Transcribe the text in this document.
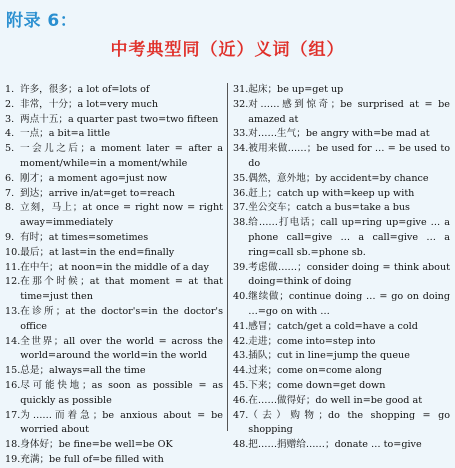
附录 6：
中考典型同（近）义词（组）
1. 许多，很多；a lot of=lots of
2. 非常，十分；a lot=very much
3. 两点十五；a quarter past two=two fifteen
4. 一点；a bit=a little
5. 一会儿之后；a moment later = after a moment/while=in a moment/while
6. 刚才；a moment ago=just now
7. 到达；arrive in/at=get to=reach
8. 立刻，马上；at once = right now = right away=immediately
9. 有时；at times=sometimes
10. 最后；at last=in the end=finally
11. 在中午；at noon=in the middle of a day
12. 在那个时候；at that moment = at that time=just then
13. 在诊所；at the doctor's=in the doctor's office
14. 全世界；all over the world = across the world=around the world=in the world
15. 总是；always=all the time
16. 尽可能快地；as soon as possible = as quickly as possible
17. 为……而着急；be anxious about = be worried about
18. 身体好；be fine=be well=be OK
19. 充满；be full of=be filled with
31. 起床；be up=get up
32. 对……感到惊奇；be surprised at = be amazed at
33. 对……生气；be angry with=be mad at
34. 被用来做……；be used for … = be used to do
35. 偶然，意外地；by accident=by chance
36. 赶上；catch up with=keep up with
37. 坐公交车；catch a bus=take a bus
38. 给……打电话；call up=ring up=give … a phone call=give … a call=give … a ring=call sb.=phone sb.
39. 考虑做……；consider doing = think about doing=think of doing
40. 继续做；continue doing … = go on doing …=go on with …
41. 感冒；catch/get a cold=have a cold
42. 走进；come into=step into
43. 插队；cut in line=jump the queue
44. 过来；come on=come along
45. 下来；come down=get down
46. 在……做得好；do well in=be good at
47. （去）购物；do the shopping = go shopping
48. 把……捐赠给……；donate … to=give
